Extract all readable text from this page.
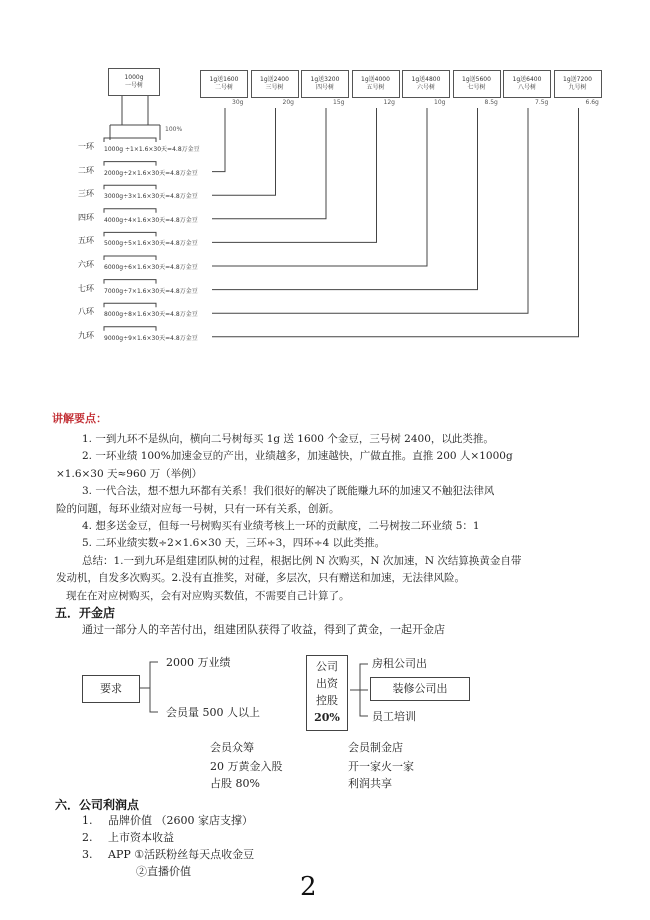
1000g
一号树
100%
1g送1600
二号树
30g
1g送2400
三号树
20g
1g送3200
四号树
15g
1g送4000
五号树
12g
1g送4800
六号树
10g
1g送5600
七号树
8.5g
1g送6400
八号树
7.5g
1g送7200
九号树
6.6g
一环 1000g ÷1×1.6×30天=4.8万金豆
二环 2000g÷2×1.6×30天=4.8万金豆
三环 3000g÷3×1.6×30天=4.8万金豆
四环 4000g÷4×1.6×30天=4.8万金豆
五环 5000g÷5×1.6×30天=4.8万金豆
六环 6000g÷6×1.6×30天=4.8万金豆
七环 7000g÷7×1.6×30天=4.8万金豆
八环 8000g÷8×1.6×30天=4.8万金豆
九环 9000g÷9×1.6×30天=4.8万金豆
讲解要点：
1. 一到九环不是纵向，横向二号树每买 1g 送 1600 个金豆，三号树 2400，以此类推。
2. 一环业绩 100%加速金豆的产出，业绩越多，加速越快，广做直推。直推 200 人×1000g
×1.6×30 天≈960 万（举例）
3. 一代合法，想不想九环都有关系！我们很好的解决了既能赚九环的加速又不触犯法律风
险的问题，每环业绩对应每一号树，只有一环有关系，创新。
4. 想多送金豆，但每一号树购买有业绩考核上一环的贡献度，二号树按二环业绩 5：1
5. 二环业绩实数÷2×1.6×30 天，三环÷3，四环÷4 以此类推。
总结：1.一到九环是组建团队树的过程，根据比例 N 次购买，N 次加速，N 次结算换黄金自带
发动机，自发多次购买。2.没有直推奖，对碰，多层次，只有赠送和加速，无法律风险。
现在在对应树购买，会有对应购买数值，不需要自己计算了。
五．开金店
通过一部分人的辛苦付出，组建团队获得了收益，得到了黄金，一起开金店
要求
2000 万业绩
会员量 500 人以上
公司
出资
控股
20%
房租公司出
装修公司出
员工培训
会员众筹
20 万黄金入股
占股 80%
会员制金店
开一家火一家
利润共享
六．公司利润点
1. 品牌价值 （2600 家店支撑）
2. 上市资本收益
3. APP ①活跃粉丝每天点收金豆
②直播价值
2
